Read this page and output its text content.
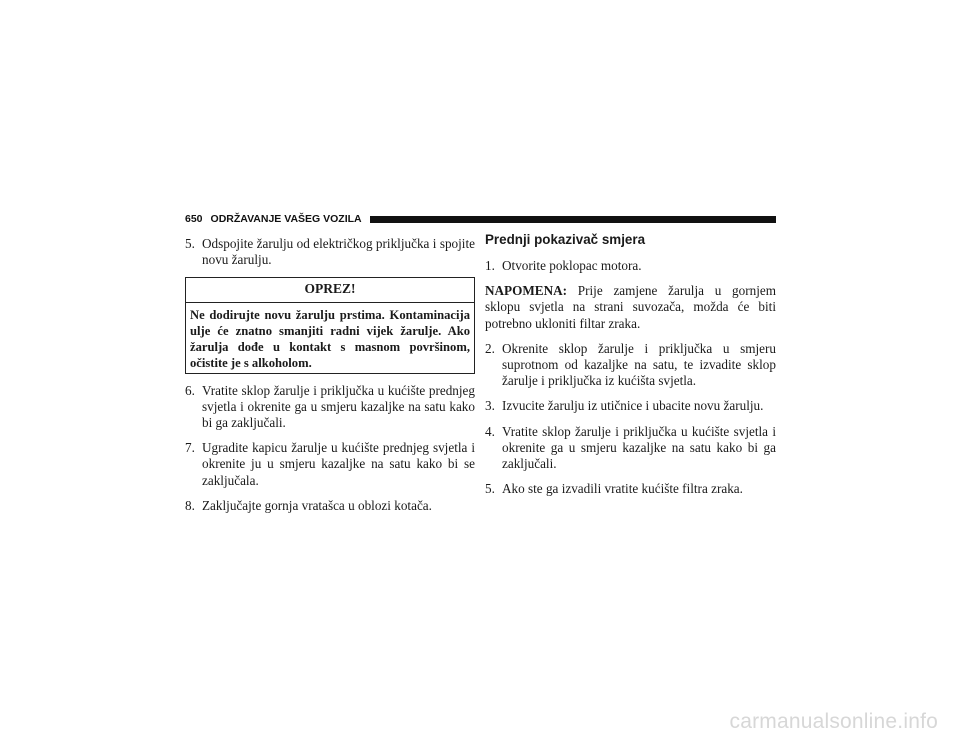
650 ODRŽAVANJE VAŠEG VOZILA
5. Odspojite žarulju od električkog priključka i spojite novu žarulju.
OPREZ!
Ne dodirujte novu žarulju prstima. Kontaminacija ulje će znatno smanjiti radni vijek žarulje. Ako žarulja dođe u kontakt s masnom površinom, očistite je s alkoholom.
6. Vratite sklop žarulje i priključka u kućište prednjeg svjetla i okrenite ga u smjeru kazaljke na satu kako bi ga zaključali.
7. Ugradite kapicu žarulje u kućište prednjeg svjetla i okrenite ju u smjeru kazaljke na satu kako bi se zaključala.
8. Zaključajte gornja vratašca u oblozi kotača.
Prednji pokazivač smjera
1. Otvorite poklopac motora.
NAPOMENA: Prije zamjene žarulja u gornjem sklopu svjetla na strani suvozača, možda će biti potrebno ukloniti filtar zraka.
2. Okrenite sklop žarulje i priključka u smjeru suprotnom od kazaljke na satu, te izvadite sklop žarulje i priključka iz kućišta svjetla.
3. Izvucite žarulju iz utičnice i ubacite novu žarulju.
4. Vratite sklop žarulje i priključka u kućište svjetla i okrenite ga u smjeru kazaljke na satu kako bi ga zaključali.
5. Ako ste ga izvadili vratite kućište filtra zraka.
carmanualsonline.info
